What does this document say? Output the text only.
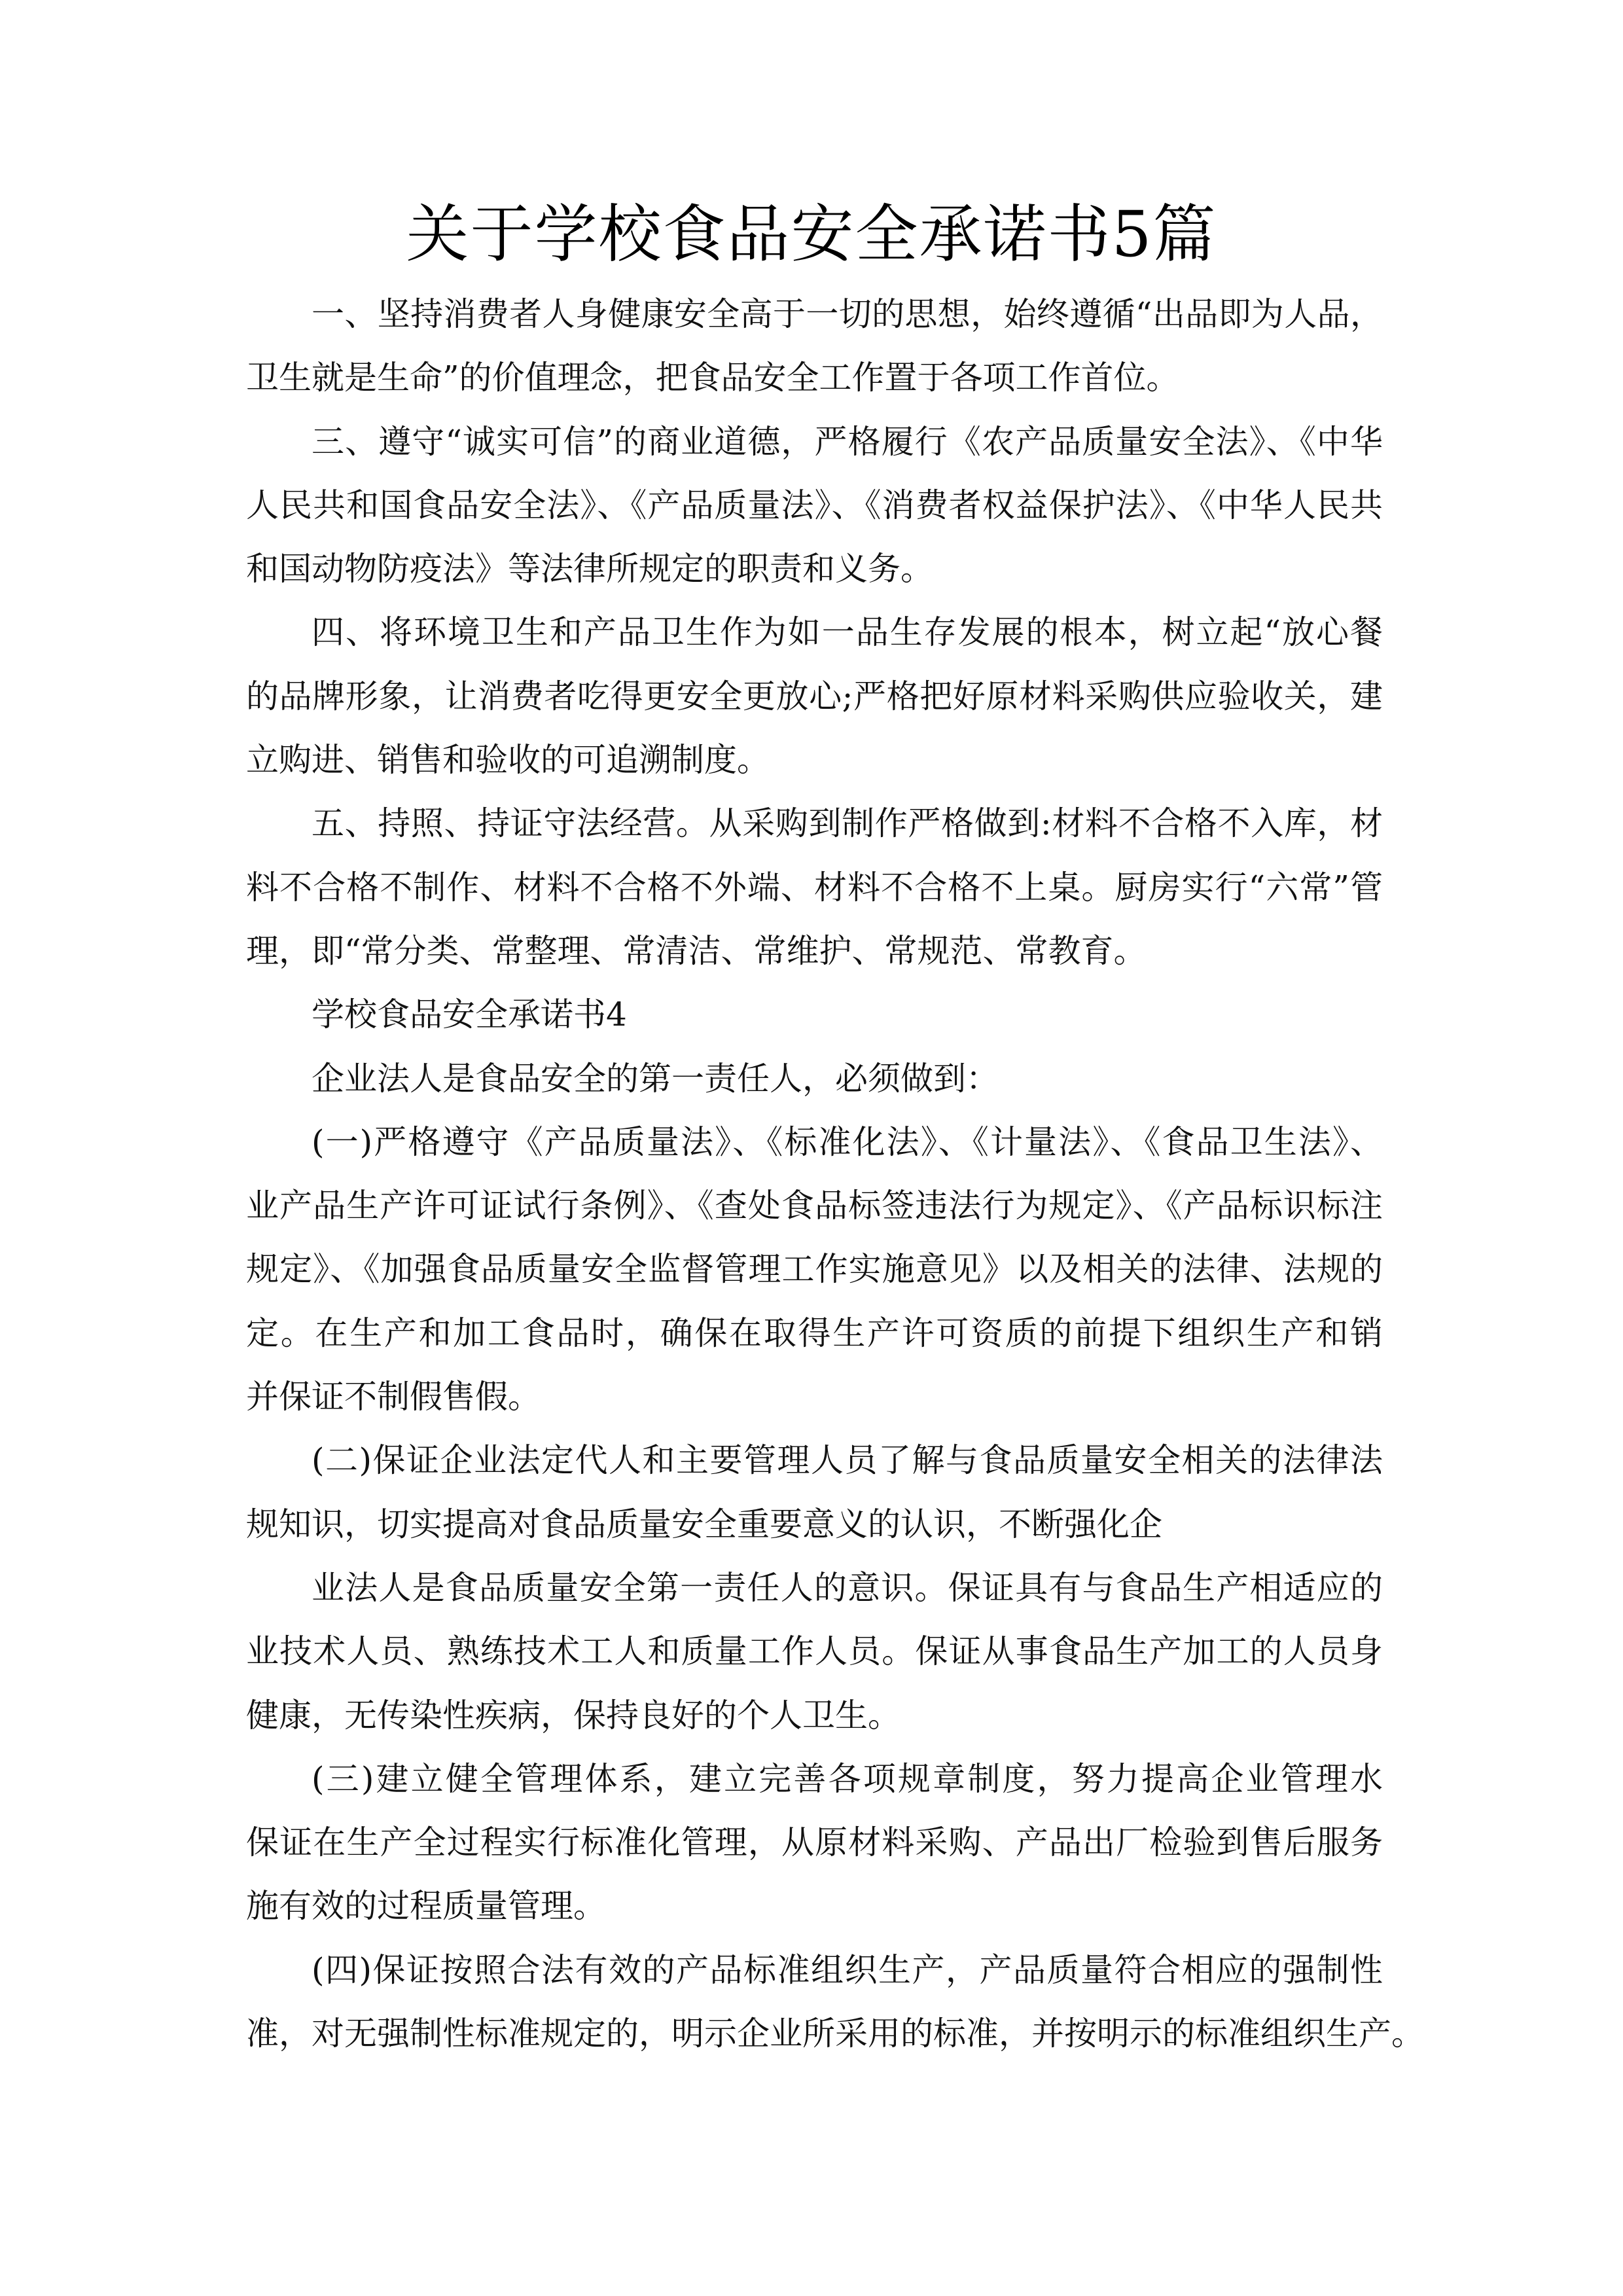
关于学校食品安全承诺书5篇
一、坚持消费者人身健康安全高于一切的思想，始终遵循“出品即为人品，
卫生就是生命”的价值理念，把食品安全工作置于各项工作首位。
三、遵守“诚实可信”的商业道德，严格履行《农产品质量安全法》、《中华
人民共和国食品安全法》、《产品质量法》、《消费者权益保护法》、《中华人民共
和国动物防疫法》等法律所规定的职责和义务。
四、将环境卫生和产品卫生作为如一品生存发展的根本，树立起“放心餐
的品牌形象，让消费者吃得更安全更放心;严格把好原材料采购供应验收关，建
立购进、销售和验收的可追溯制度。
五、持照、持证守法经营。从采购到制作严格做到:材料不合格不入库，材
料不合格不制作、材料不合格不外端、材料不合格不上桌。厨房实行“六常”管
理，即“常分类、常整理、常清洁、常维护、常规范、常教育。
学校食品安全承诺书4
企业法人是食品安全的第一责任人，必须做到：
(一)严格遵守《产品质量法》、《标准化法》、《计量法》、《食品卫生法》、
业产品生产许可证试行条例》、《查处食品标签违法行为规定》、《产品标识标注
规定》、《加强食品质量安全监督管理工作实施意见》以及相关的法律、法规的
定。在生产和加工食品时，确保在取得生产许可资质的前提下组织生产和销
并保证不制假售假。
(二)保证企业法定代人和主要管理人员了解与食品质量安全相关的法律法
规知识，切实提高对食品质量安全重要意义的认识，不断强化企
业法人是食品质量安全第一责任人的意识。保证具有与食品生产相适应的
业技术人员、熟练技术工人和质量工作人员。保证从事食品生产加工的人员身
健康，无传染性疾病，保持良好的个人卫生。
(三)建立健全管理体系，建立完善各项规章制度，努力提高企业管理水
保证在生产全过程实行标准化管理，从原材料采购、产品出厂检验到售后服务
施有效的过程质量管理。
(四)保证按照合法有效的产品标准组织生产，产品质量符合相应的强制性
准，对无强制性标准规定的，明示企业所采用的标准，并按明示的标准组织生产。
